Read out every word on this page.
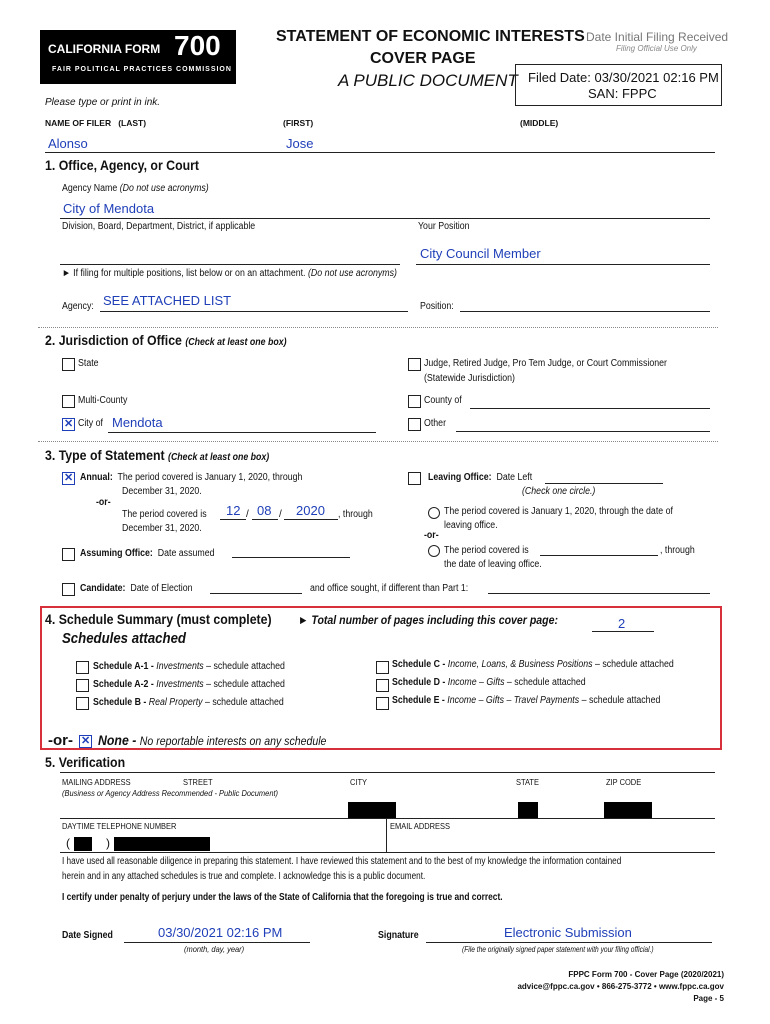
CALIFORNIA FORM 700
FAIR POLITICAL PRACTICES COMMISSION
STATEMENT OF ECONOMIC INTERESTS
COVER PAGE
A PUBLIC DOCUMENT
Date Initial Filing Received
Filing Official Use Only
Filed Date: 03/30/2021 02:16 PM
SAN: FPPC
Please type or print in ink.
NAME OF FILER (LAST)	(FIRST)	(MIDDLE)
Alonso	Jose
1. Office, Agency, or Court
Agency Name (Do not use acronyms)
City of Mendota
Division, Board, Department, District, if applicable	Your Position
City Council Member
► If filing for multiple positions, list below or on an attachment. (Do not use acronyms)
Agency: SEE ATTACHED LIST	Position:
2. Jurisdiction of Office (Check at least one box)
State	Judge, Retired Judge, Pro Tem Judge, or Court Commissioner
(Statewide Jurisdiction)
Multi-County	County of
✕
City of Mendota	Other
3. Type of Statement (Check at least one box)
✕
Annual: The period covered is January 1, 2020, through
December 31, 2020.
-or-
The period covered is	12 / 08 / 2020 , through
December 31, 2020.
Leaving Office: Date Left
(Check one circle.)
The period covered is January 1, 2020, through the date of
leaving office.
-or-
The period covered is	, through
the date of leaving office.
Assuming Office: Date assumed
Candidate: Date of Election	and office sought, if different than Part 1:
4. Schedule Summary (must complete)	► Total number of pages including this cover page:	2
Schedules attached
Schedule A-1 - Investments – schedule attached
Schedule A-2 - Investments – schedule attached
Schedule B - Real Property – schedule attached
Schedule C - Income, Loans, & Business Positions – schedule attached
Schedule D - Income – Gifts – schedule attached
Schedule E - Income – Gifts – Travel Payments – schedule attached
-or-
✕ None - No reportable interests on any schedule
5. Verification
MAILING ADDRESS	STREET	CITY	STATE	ZIP CODE
(Business or Agency Address Recommended - Public Document)
DAYTIME TELEPHONE NUMBER	EMAIL ADDRESS
(	)
I have used all reasonable diligence in preparing this statement. I have reviewed this statement and to the best of my knowledge the information contained
herein and in any attached schedules is true and complete. I acknowledge this is a public document.
I certify under penalty of perjury under the laws of the State of California that the foregoing is true and correct.
Date Signed	03/30/2021 02:16 PM
(month, day, year)
Signature	Electronic Submission
(File the originally signed paper statement with your filing official.)
FPPC Form 700 - Cover Page (2020/2021)
advice@fppc.ca.gov • 866-275-3772 • www.fppc.ca.gov
Page - 5
